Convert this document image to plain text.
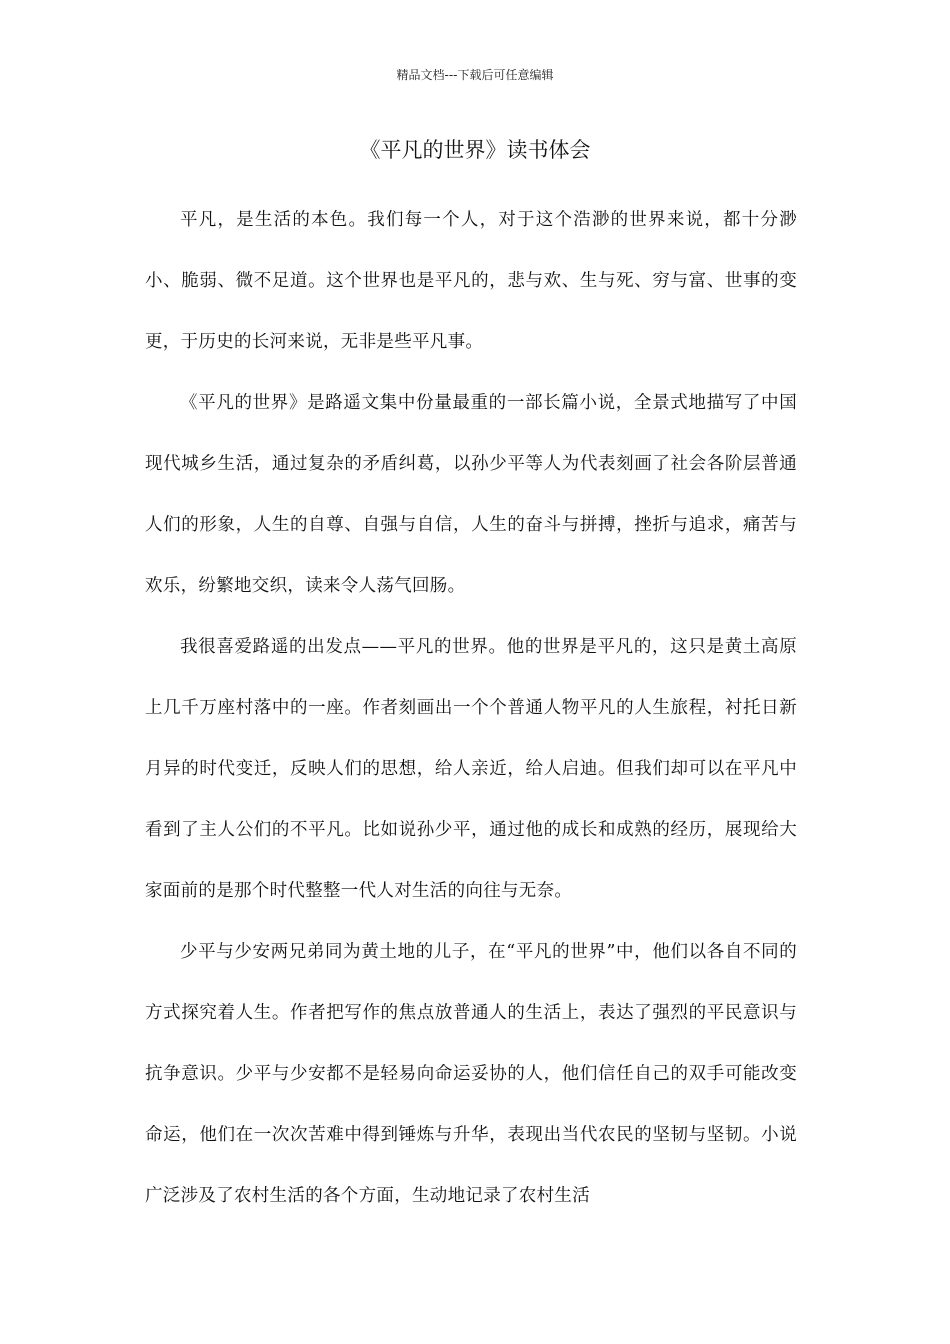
精品文档---下载后可任意编辑
《平凡的世界》读书体会

平凡，是生活的本色。我们每一个人，对于这个浩渺的世界来说，都十分渺小、脆弱、微不足道。这个世界也是平凡的，悲与欢、生与死、穷与富、世事的变更，于历史的长河来说，无非是些平凡事。

《平凡的世界》是路遥文集中份量最重的一部长篇小说，全景式地描写了中国现代城乡生活，通过复杂的矛盾纠葛，以孙少平等人为代表刻画了社会各阶层普通人们的形象，人生的自尊、自强与自信，人生的奋斗与拼搏，挫折与追求，痛苦与欢乐，纷繁地交织，读来令人荡气回肠。

我很喜爱路遥的出发点——平凡的世界。他的世界是平凡的，这只是黄土高原上几千万座村落中的一座。作者刻画出一个个普通人物平凡的人生旅程，衬托日新月异的时代变迁，反映人们的思想，给人亲近，给人启迪。但我们却可以在平凡中看到了主人公们的不平凡。比如说孙少平，通过他的成长和成熟的经历，展现给大家面前的是那个时代整整一代人对生活的向往与无奈。

少平与少安两兄弟同为黄土地的儿子，在“平凡的世界”中，他们以各自不同的方式探究着人生。作者把写作的焦点放普通人的生活上，表达了强烈的平民意识与抗争意识。少平与少安都不是轻易向命运妥协的人，他们信任自己的双手可能改变命运，他们在一次次苦难中得到锤炼与升华，表现出当代农民的坚韧与坚韧。小说广泛涉及了农村生活的各个方面，生动地记录了农村生活
